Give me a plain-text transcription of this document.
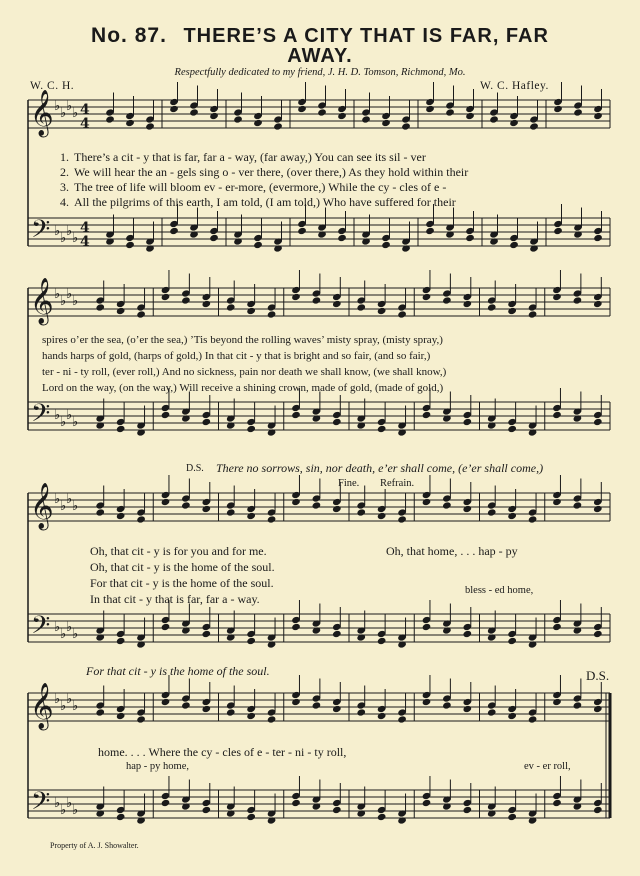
No. 87. THERE’S A CITY THAT IS FAR, FAR
AWAY.
Respectfully dedicated to my friend, J. H. D. Tomson, Richmond, Mo.
W. C. H.	W. C. Hafley.
𝄞
𝄢
♭ ♭ ♭ ♭
♭ ♭ ♭ ♭
4
4
4
4
𝄞
𝄢
♭ ♭ ♭ ♭
♭ ♭ ♭ ♭
𝄞
𝄢
♭ ♭ ♭ ♭
♭ ♭ ♭ ♭
𝄞
𝄢
♭ ♭ ♭ ♭
♭ ♭ ♭ ♭
1. There’s a cit - y that is far, far a - way, (far away,) You can see its sil - ver
2. We will hear the an - gels sing o - ver there, (over there,) As they hold within their
3. The tree of life will bloom ev - er-more, (evermore,) While the cy - cles of e -
4. All the pilgrims of this earth, I am told, (I am told,) Who have suffered for their
spires o’er the sea, (o’er the sea,) ’Tis beyond the rolling waves’ misty spray, (misty spray,)
hands harps of gold, (harps of gold,) In that cit - y that is bright and so fair, (and so fair,)
ter - ni - ty roll, (ever roll,) And no sickness, pain nor death we shall know, (we shall know,)
Lord on the way, (on the way,) Will receive a shining crown, made of gold, (made of gold,)
D.S. There no sorrows, sin, nor death, e’er shall come, (e’er shall come,)
Fine. Refrain.
Oh, that cit - y is for you and for me.
Oh, that cit - y is the home of the soul.
For that cit - y is the home of the soul.
In that cit - y that is far, far a - way.
Oh, that home, . . . hap - py
bless - ed home,
For that cit - y is the home of the soul.	D.S.
home. . . . Where the cy - cles of e - ter - ni - ty roll,
hap - py home,	ev - er roll,
Property of A. J. Showalter.
